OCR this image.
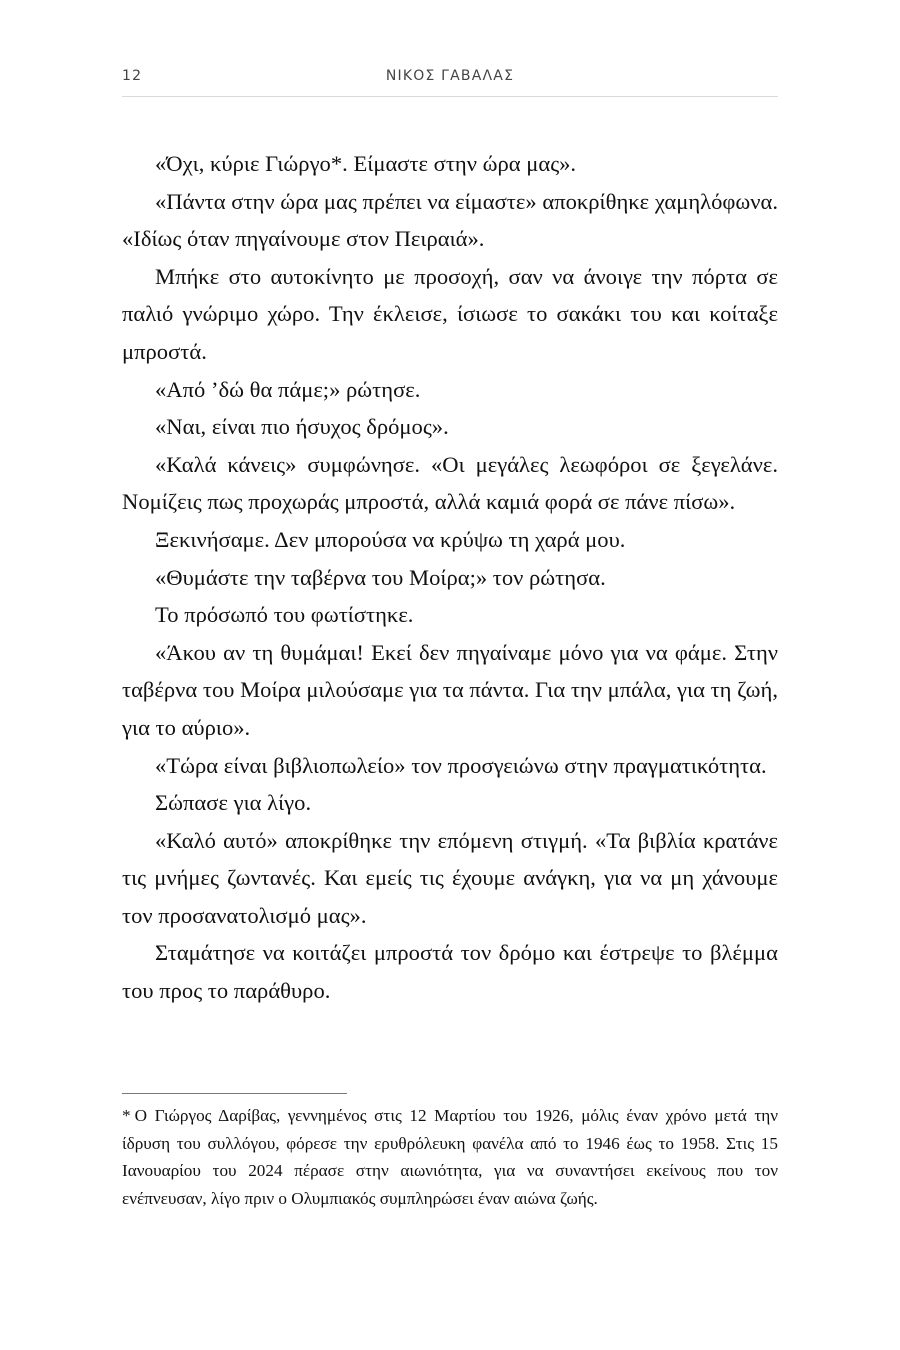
12	ΝΙΚΟΣ ΓΑΒΑΛΑΣ

«Όχι, κύριε Γιώργο*. Είμαστε στην ώρα μας».

«Πάντα στην ώρα μας πρέπει να είμαστε» αποκρίθηκε χαμηλόφωνα. «Ιδίως όταν πηγαίνουμε στον Πειραιά».

Μπήκε στο αυτοκίνητο με προσοχή, σαν να άνοιγε την πόρτα σε παλιό γνώριμο χώρο. Την έκλεισε, ίσιωσε το σακάκι του και κοίταξε μπροστά.

«Από ’δώ θα πάμε;» ρώτησε.

«Ναι, είναι πιο ήσυχος δρόμος».

«Καλά κάνεις» συμφώνησε. «Οι μεγάλες λεωφόροι σε ξεγελάνε. Νομίζεις πως προχωράς μπροστά, αλλά καμιά φορά σε πάνε πίσω».

Ξεκινήσαμε. Δεν μπορούσα να κρύψω τη χαρά μου.

«Θυμάστε την ταβέρνα του Μοίρα;» τον ρώτησα.

Το πρόσωπό του φωτίστηκε.

«Άκου αν τη θυμάμαι! Εκεί δεν πηγαίναμε μόνο για να φάμε. Στην ταβέρνα του Μοίρα μιλούσαμε για τα πάντα. Για την μπάλα, για τη ζωή, για το αύριο».

«Τώρα είναι βιβλιοπωλείο» τον προσγειώνω στην πραγματικότητα.

Σώπασε για λίγο.

«Καλό αυτό» αποκρίθηκε την επόμενη στιγμή. «Τα βιβλία κρατάνε τις μνήμες ζωντανές. Και εμείς τις έχουμε ανάγκη, για να μη χάνουμε τον προσανατολισμό μας».

Σταμάτησε να κοιτάζει μπροστά τον δρόμο και έστρεψε το βλέμμα του προς το παράθυρο.

* Ο Γιώργος Δαρίβας, γεννημένος στις 12 Μαρτίου του 1926, μόλις έναν χρόνο μετά την ίδρυση του συλλόγου, φόρεσε την ερυθρόλευκη φανέλα από το 1946 έως το 1958. Στις 15 Ιανουαρίου του 2024 πέρασε στην αιωνιότητα, για να συναντήσει εκείνους που τον ενέπνευσαν, λίγο πριν ο Ολυμπιακός συμπληρώσει έναν αιώνα ζωής.
